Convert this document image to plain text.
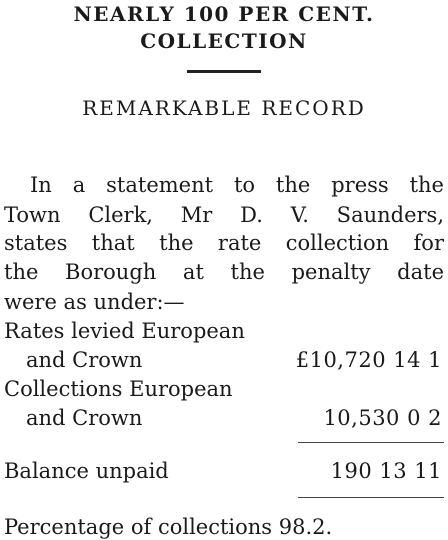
NEARLY 100 PER CENT.
COLLECTION
REMARKABLE RECORD
In a statement to the press the
Town Clerk, Mr D. V. Saunders,
states that the rate collection for
the Borough at the penalty date
were as under:—
Rates levied European
and Crown	£10,720 14 1
Collections European
and Crown	10,530 0 2
Balance unpaid	190 13 11
Percentage of collections 98.2.
